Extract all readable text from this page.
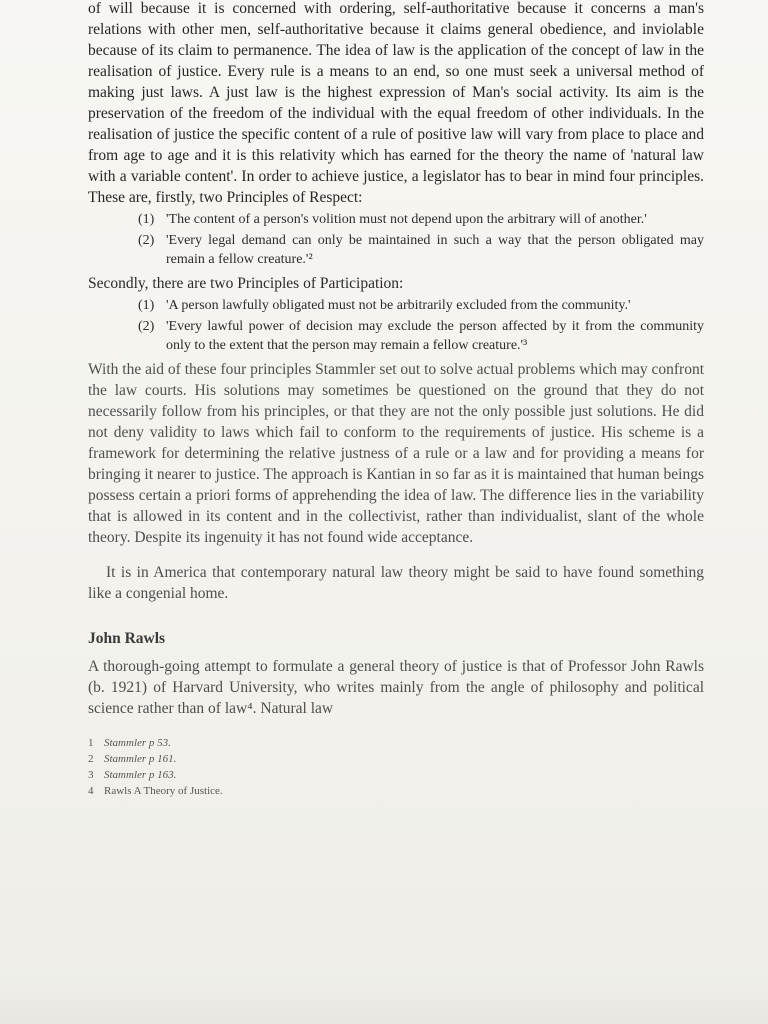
of will because it is concerned with ordering, self-authoritative because it concerns a man's relations with other men, self-authoritative because it claims general obedience, and inviolable because of its claim to permanence. The idea of law is the application of the concept of law in the realisation of justice. Every rule is a means to an end, so one must seek a universal method of making just laws. A just law is the highest expression of Man's social activity. Its aim is the preservation of the freedom of the individual with the equal freedom of other individuals. In the realisation of justice the specific content of a rule of positive law will vary from place to place and from age to age and it is this relativity which has earned for the theory the name of 'natural law with a variable content'. In order to achieve justice, a legislator has to bear in mind four principles. These are, firstly, two Principles of Respect:

(1) 'The content of a person's volition must not depend upon the arbitrary will of another.'
(2) 'Every legal demand can only be maintained in such a way that the person obligated may remain a fellow creature.'²

Secondly, there are two Principles of Participation:

(1) 'A person lawfully obligated must not be arbitrarily excluded from the community.'
(2) 'Every lawful power of decision may exclude the person affected by it from the community only to the extent that the person may remain a fellow creature.'³

With the aid of these four principles Stammler set out to solve actual problems which may confront the law courts. His solutions may sometimes be questioned on the ground that they do not necessarily follow from his principles, or that they are not the only possible just solutions. He did not deny validity to laws which fail to conform to the requirements of justice. His scheme is a framework for determining the relative justness of a rule or a law and for providing a means for bringing it nearer to justice. The approach is Kantian in so far as it is maintained that human beings possess certain a priori forms of apprehending the idea of law. The difference lies in the variability that is allowed in its content and in the collectivist, rather than individualist, slant of the whole theory. Despite its ingenuity it has not found wide acceptance.

It is in America that contemporary natural law theory might be said to have found something like a congenial home.

John Rawls

A thorough-going attempt to formulate a general theory of justice is that of Professor John Rawls (b. 1921) of Harvard University, who writes mainly from the angle of philosophy and political science rather than of law⁴. Natural law

1 Stammler p 53.
2 Stammler p 161.
3 Stammler p 163.
4 Rawls A Theory of Justice.
